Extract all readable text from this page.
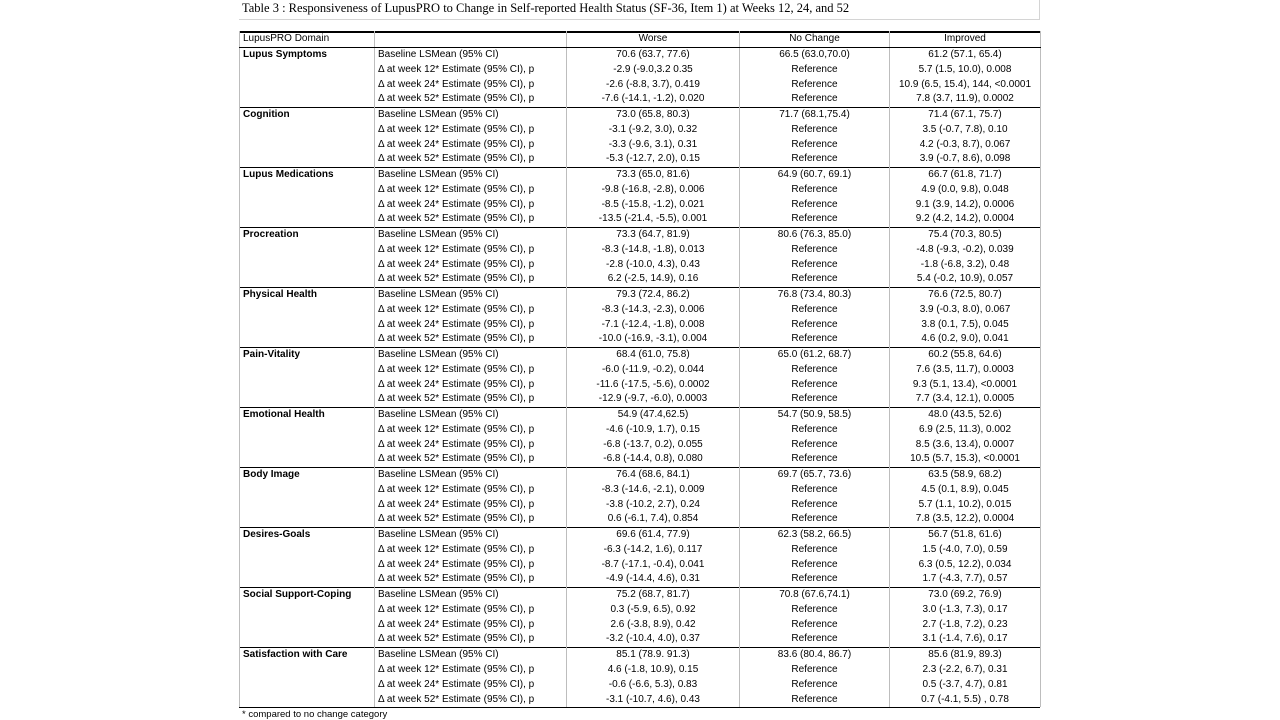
Table 3 : Responsiveness of LupusPRO to Change in Self-reported Health Status (SF-36, Item 1) at Weeks 12, 24, and 52
LupusPRO Domain		Worse	No Change	Improved
Lupus Symptoms	Baseline LSMean (95% CI)	70.6 (63.7, 77.6)	66.5 (63.0,70.0)	61.2 (57.1, 65.4)
	Δ at week 12* Estimate (95% CI), p	-2.9 (-9.0,3.2 0.35	Reference	5.7 (1.5, 10.0), 0.008
	Δ at week 24* Estimate (95% CI), p	-2.6 (-8.8, 3.7), 0.419	Reference	10.9 (6.5, 15.4), 144, <0.0001
	Δ at week 52* Estimate (95% CI), p	-7.6 (-14.1, -1.2), 0.020	Reference	7.8 (3.7, 11.9), 0.0002
Cognition	Baseline LSMean (95% CI)	73.0 (65.8, 80.3)	71.7 (68.1,75.4)	71.4 (67.1, 75.7)
	Δ at week 12* Estimate (95% CI), p	-3.1 (-9.2, 3.0), 0.32	Reference	3.5 (-0.7, 7.8), 0.10
	Δ at week 24* Estimate (95% CI), p	-3.3 (-9.6, 3.1), 0.31	Reference	4.2 (-0.3, 8.7), 0.067
	Δ at week 52* Estimate (95% CI), p	-5.3 (-12.7, 2.0), 0.15	Reference	3.9 (-0.7, 8.6), 0.098
Lupus Medications	Baseline LSMean (95% CI)	73.3 (65.0, 81.6)	64.9 (60.7, 69.1)	66.7 (61.8, 71.7)
	Δ at week 12* Estimate (95% CI), p	-9.8 (-16.8, -2.8), 0.006	Reference	4.9 (0.0, 9.8), 0.048
	Δ at week 24* Estimate (95% CI), p	-8.5 (-15.8, -1.2), 0.021	Reference	9.1 (3.9, 14.2), 0.0006
	Δ at week 52* Estimate (95% CI), p	-13.5 (-21.4, -5.5), 0.001	Reference	9.2 (4.2, 14.2), 0.0004
Procreation	Baseline LSMean (95% CI)	73.3 (64.7, 81.9)	80.6 (76.3, 85.0)	75.4 (70.3, 80.5)
	Δ at week 12* Estimate (95% CI), p	-8.3 (-14.8, -1.8), 0.013	Reference	-4.8 (-9.3, -0.2), 0.039
	Δ at week 24* Estimate (95% CI), p	-2.8 (-10.0, 4.3), 0.43	Reference	-1.8 (-6.8, 3.2), 0.48
	Δ at week 52* Estimate (95% CI), p	6.2 (-2.5, 14.9), 0.16	Reference	5.4 (-0.2, 10.9), 0.057
Physical Health	Baseline LSMean (95% CI)	79.3 (72.4, 86.2)	76.8 (73.4, 80.3)	76.6 (72.5, 80.7)
	Δ at week 12* Estimate (95% CI), p	-8.3 (-14.3, -2.3), 0.006	Reference	3.9 (-0.3, 8.0), 0.067
	Δ at week 24* Estimate (95% CI), p	-7.1 (-12.4, -1.8), 0.008	Reference	3.8 (0.1, 7.5), 0.045
	Δ at week 52* Estimate (95% CI), p	-10.0 (-16.9, -3.1), 0.004	Reference	4.6 (0.2, 9.0), 0.041
Pain-Vitality	Baseline LSMean (95% CI)	68.4 (61.0, 75.8)	65.0 (61.2, 68.7)	60.2 (55.8, 64.6)
	Δ at week 12* Estimate (95% CI), p	-6.0 (-11.9, -0.2), 0.044	Reference	7.6 (3.5, 11.7), 0.0003
	Δ at week 24* Estimate (95% CI), p	-11.6 (-17.5, -5.6), 0.0002	Reference	9.3 (5.1, 13.4), <0.0001
	Δ at week 52* Estimate (95% CI), p	-12.9 (-9.7, -6.0), 0.0003	Reference	7.7 (3.4, 12.1), 0.0005
Emotional Health	Baseline LSMean (95% CI)	54.9 (47.4,62.5)	54.7 (50.9, 58.5)	48.0 (43.5, 52.6)
	Δ at week 12* Estimate (95% CI), p	-4.6 (-10.9, 1.7), 0.15	Reference	6.9 (2.5, 11.3), 0.002
	Δ at week 24* Estimate (95% CI), p	-6.8 (-13.7, 0.2), 0.055	Reference	8.5 (3.6, 13.4), 0.0007
	Δ at week 52* Estimate (95% CI), p	-6.8 (-14.4, 0.8), 0.080	Reference	10.5 (5.7, 15.3), <0.0001
Body Image	Baseline LSMean (95% CI)	76.4 (68.6, 84.1)	69.7 (65.7, 73.6)	63.5 (58.9, 68.2)
	Δ at week 12* Estimate (95% CI), p	-8.3 (-14.6, -2.1), 0.009	Reference	4.5 (0.1, 8.9), 0.045
	Δ at week 24* Estimate (95% CI), p	-3.8 (-10.2, 2.7), 0.24	Reference	5.7 (1.1, 10.2), 0.015
	Δ at week 52* Estimate (95% CI), p	0.6 (-6.1, 7.4), 0.854	Reference	7.8 (3.5, 12.2), 0.0004
Desires-Goals	Baseline LSMean (95% CI)	69.6 (61.4, 77.9)	62.3 (58.2, 66.5)	56.7 (51.8, 61.6)
	Δ at week 12* Estimate (95% CI), p	-6.3 (-14.2, 1.6), 0.117	Reference	1.5 (-4.0, 7.0), 0.59
	Δ at week 24* Estimate (95% CI), p	-8.7 (-17.1, -0.4), 0.041	Reference	6.3 (0.5, 12.2), 0.034
	Δ at week 52* Estimate (95% CI), p	-4.9 (-14.4, 4.6), 0.31	Reference	1.7 (-4.3, 7.7), 0.57
Social Support-Coping	Baseline LSMean (95% CI)	75.2 (68.7, 81.7)	70.8 (67.6,74.1)	73.0 (69.2, 76.9)
	Δ at week 12* Estimate (95% CI), p	0.3 (-5.9, 6.5), 0.92	Reference	3.0 (-1.3, 7.3), 0.17
	Δ at week 24* Estimate (95% CI), p	2.6 (-3.8, 8.9), 0.42	Reference	2.7 (-1.8, 7.2), 0.23
	Δ at week 52* Estimate (95% CI), p	-3.2 (-10.4, 4.0), 0.37	Reference	3.1 (-1.4, 7.6), 0.17
Satisfaction with Care	Baseline LSMean (95% CI)	85.1 (78.9. 91.3)	83.6 (80.4, 86.7)	85.6 (81.9, 89.3)
	Δ at week 12* Estimate (95% CI), p	4.6 (-1.8, 10.9), 0.15	Reference	2.3 (-2.2, 6.7), 0.31
	Δ at week 24* Estimate (95% CI), p	-0.6 (-6.6, 5.3), 0.83	Reference	0.5 (-3.7, 4.7), 0.81
	Δ at week 52* Estimate (95% CI), p	-3.1 (-10.7, 4.6), 0.43	Reference	0.7 (-4.1, 5.5) , 0.78
* compared to no change category
